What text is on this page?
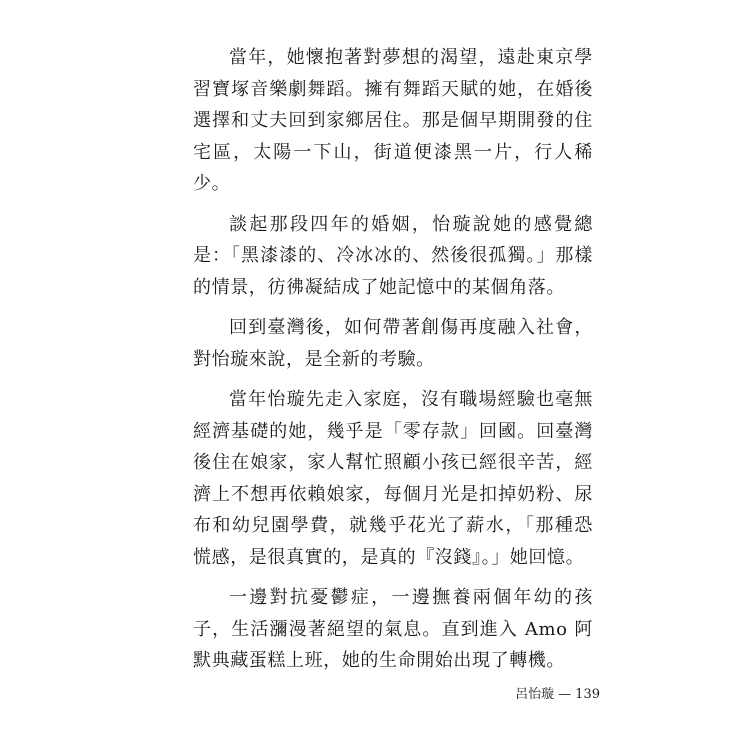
當年，她懷抱著對夢想的渴望，遠赴東京學習寶塚音樂劇舞蹈。擁有舞蹈天賦的她，在婚後選擇和丈夫回到家鄉居住。那是個早期開發的住宅區，太陽一下山，街道便漆黑一片，行人稀少。

談起那段四年的婚姻，怡璇說她的感覺總是：「黑漆漆的、冷冰冰的、然後很孤獨。」那樣的情景，彷彿凝結成了她記憶中的某個角落。

回到臺灣後，如何帶著創傷再度融入社會，對怡璇來說，是全新的考驗。

當年怡璇先走入家庭，沒有職場經驗也毫無經濟基礎的她，幾乎是「零存款」回國。回臺灣後住在娘家，家人幫忙照顧小孩已經很辛苦，經濟上不想再依賴娘家，每個月光是扣掉奶粉、尿布和幼兒園學費，就幾乎花光了薪水，「那種恐慌感，是很真實的，是真的『沒錢』。」她回憶。

一邊對抗憂鬱症，一邊撫養兩個年幼的孩子，生活瀰漫著絕望的氣息。直到進入 Amo 阿默典藏蛋糕上班，她的生命開始出現了轉機。

呂怡璇 — 139
